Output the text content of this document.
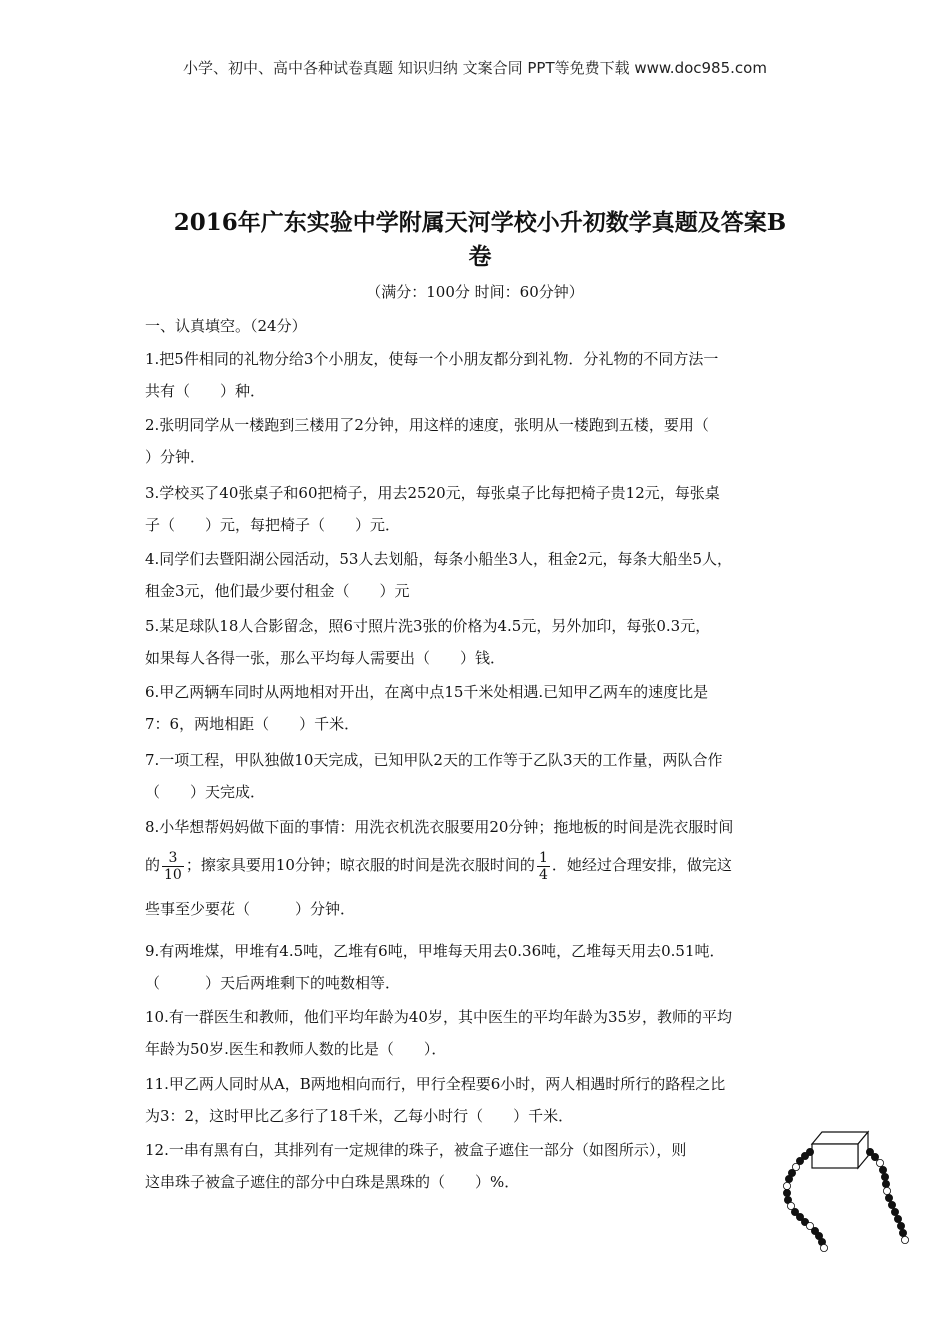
小学、初中、高中各种试卷真题 知识归纳 文案合同 PPT等免费下载 www.doc985.com
2016年广东实验中学附属天河学校小升初数学真题及答案B
卷
（满分：100分 时间：60分钟）
一、认真填空。（24分）
1.把5件相同的礼物分给3个小朋友，使每一个小朋友都分到礼物．分礼物的不同方法一
共有（　　）种．
2.张明同学从一楼跑到三楼用了2分钟，用这样的速度，张明从一楼跑到五楼，要用（
）分钟．
3.学校买了40张桌子和60把椅子，用去2520元，每张桌子比每把椅子贵12元，每张桌
子（　　）元，每把椅子（　　）元．
4.同学们去暨阳湖公园活动，53人去划船，每条小船坐3人，租金2元，每条大船坐5人，
租金3元，他们最少要付租金（　　）元
5.某足球队18人合影留念，照6寸照片洗3张的价格为4.5元，另外加印，每张0.3元，
如果每人各得一张，那么平均每人需要出（　　）钱．
6.甲乙两辆车同时从两地相对开出，在离中点15千米处相遇.已知甲乙两车的速度比是
7：6，两地相距（　　）千米．
7.一项工程，甲队独做10天完成，已知甲队2天的工作等于乙队3天的工作量，两队合作
（　　）天完成．
8.小华想帮妈妈做下面的事情：用洗衣机洗衣服要用20分钟；拖地板的时间是洗衣服时间
的 $\frac{3}{10}$ ；擦家具要用10分钟；晾衣服的时间是洗衣服时间的 $\frac{1}{4}$ ．她经过合理安排，做完这
些事至少要花（　　　）分钟．
9.有两堆煤，甲堆有4.5吨，乙堆有6吨，甲堆每天用去0.36吨，乙堆每天用去0.51吨．
（　　　）天后两堆剩下的吨数相等．
10.有一群医生和教师，他们平均年龄为40岁，其中医生的平均年龄为35岁，教师的平均
年龄为50岁.医生和教师人数的比是（　　）．
11.甲乙两人同时从A，B两地相向而行，甲行全程要6小时，两人相遇时所行的路程之比
为3：2，这时甲比乙多行了18千米，乙每小时行（　　）千米．
12.一串有黑有白，其排列有一定规律的珠子，被盒子遮住一部分（如图所示），则
这串珠子被盒子遮住的部分中白珠是黑珠的（　　）%．
